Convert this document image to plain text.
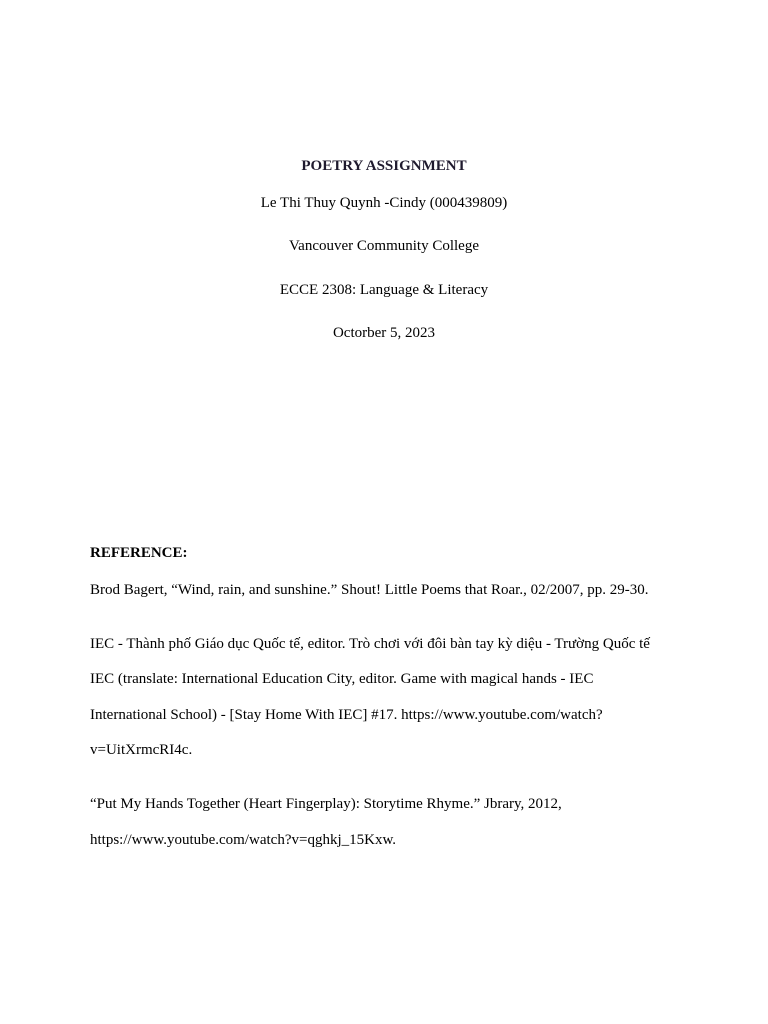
POETRY ASSIGNMENT
Le Thi Thuy Quynh -Cindy (000439809)
Vancouver Community College
ECCE 2308: Language & Literacy
Octorber 5, 2023
REFERENCE:
Brod Bagert, “Wind, rain, and sunshine.” Shout! Little Poems that Roar., 02/2007, pp. 29-30.
IEC - Thành phố Giáo dục Quốc tế, editor. Trò chơi với đôi bàn tay kỳ diệu - Trường Quốc tế
IEC (translate: International Education City, editor. Game with magical hands - IEC
International School) - [Stay Home With IEC] #17. https://www.youtube.com/watch?
v=UitXrmcRI4c.
“Put My Hands Together (Heart Fingerplay): Storytime Rhyme.” Jbrary, 2012,
https://www.youtube.com/watch?v=qghkj_15Kxw.
